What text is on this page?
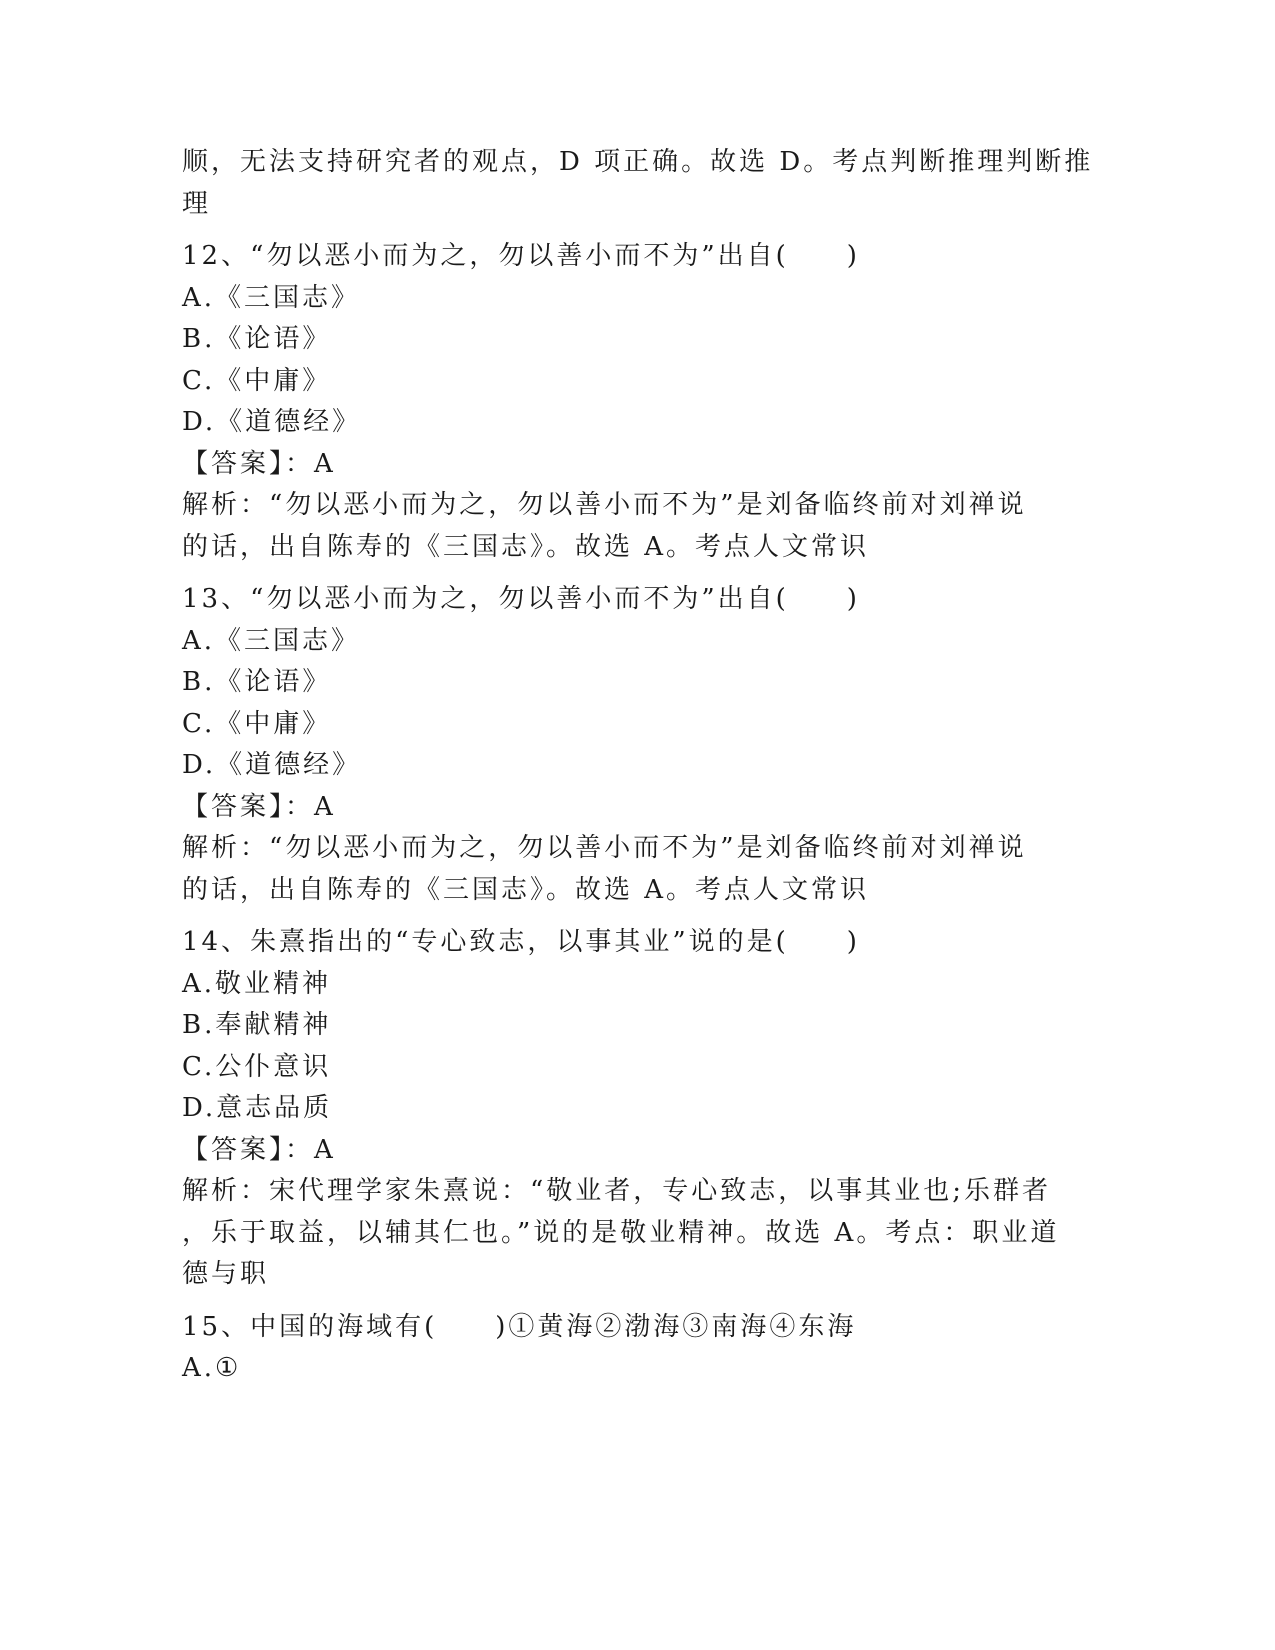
顺，无法支持研究者的观点，D 项正确。故选 D。考点判断推理判断推

理

12、“勿以恶小而为之，勿以善小而不为”出自(　　)

A.《三国志》

B.《论语》

C.《中庸》

D.《道德经》

【答案】：A

解析：“勿以恶小而为之，勿以善小而不为”是刘备临终前对刘禅说

的话，出自陈寿的《三国志》。故选 A。考点人文常识

13、“勿以恶小而为之，勿以善小而不为”出自(　　)

A.《三国志》

B.《论语》

C.《中庸》

D.《道德经》

【答案】：A

解析：“勿以恶小而为之，勿以善小而不为”是刘备临终前对刘禅说

的话，出自陈寿的《三国志》。故选 A。考点人文常识

14、朱熹指出的“专心致志，以事其业”说的是(　　)

A.敬业精神

B.奉献精神

C.公仆意识

D.意志品质

【答案】：A

解析：宋代理学家朱熹说：“敬业者，专心致志，以事其业也;乐群者

，乐于取益，以辅其仁也。”说的是敬业精神。故选 A。考点：职业道

德与职

15、中国的海域有(　　)①黄海②渤海③南海④东海

A.①
